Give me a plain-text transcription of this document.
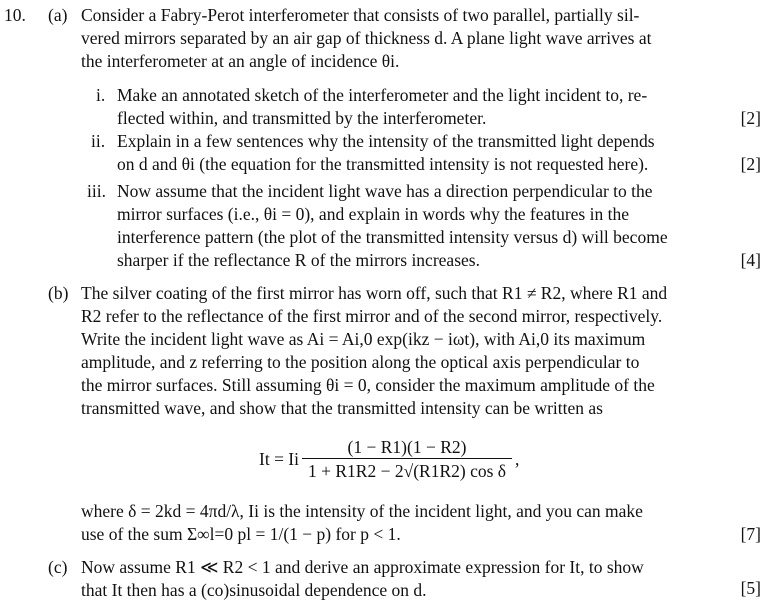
10. (a) Consider a Fabry-Perot interferometer that consists of two parallel, partially sil-
vered mirrors separated by an air gap of thickness d. A plane light wave arrives at
the interferometer at an angle of incidence θi.
i. Make an annotated sketch of the interferometer and the light incident to, re-
flected within, and transmitted by the interferometer.	[2]
ii. Explain in a few sentences why the intensity of the transmitted light depends
on d and θi (the equation for the transmitted intensity is not requested here).	[2]
iii. Now assume that the incident light wave has a direction perpendicular to the
mirror surfaces (i.e., θi = 0), and explain in words why the features in the
interference pattern (the plot of the transmitted intensity versus d) will become
sharper if the reflectance R of the mirrors increases.	[4]
(b) The silver coating of the first mirror has worn off, such that R1 ≠ R2, where R1 and
R2 refer to the reflectance of the first mirror and of the second mirror, respectively.
Write the incident light wave as Ai = Ai,0 exp(ikz − iωt), with Ai,0 its maximum
amplitude, and z referring to the position along the optical axis perpendicular to
the mirror surfaces. Still assuming θi = 0, consider the maximum amplitude of the
transmitted wave, and show that the transmitted intensity can be written as
It = Ii $\frac{(1 - R1)(1 - R2)}{\text{1 + R1R2 − 2√(R1R2) cos δ}}$ ,
where δ = 2kd = 4πd/λ, Ii is the intensity of the incident light, and you can make
use of the sum Σ∞l=0 pl = 1/(1 − p) for p < 1.	[7]
(c) Now assume R1 ≪ R2 < 1 and derive an approximate expression for It, to show
that It then has a (co)sinusoidal dependence on d.	[5]
